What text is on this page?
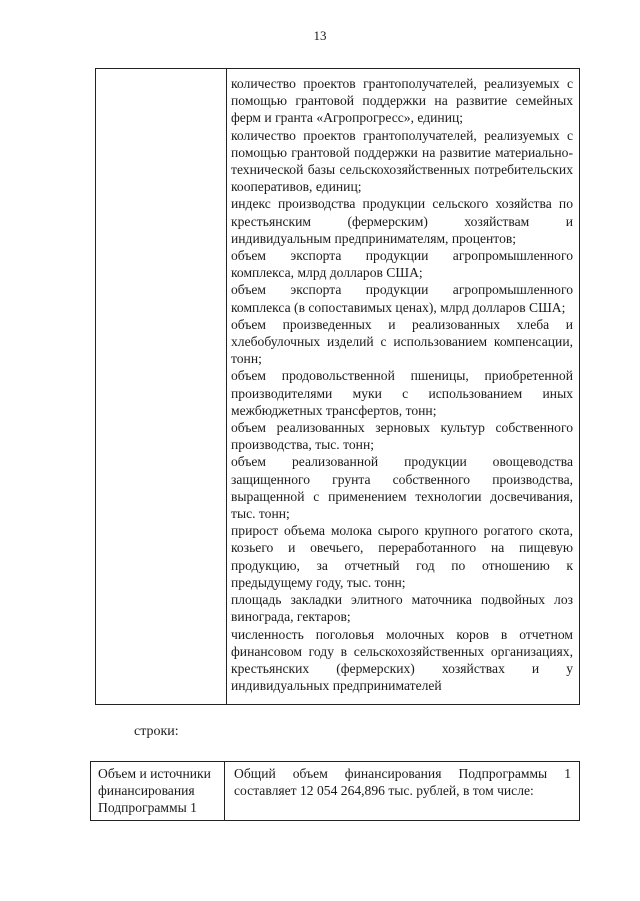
13
количество проектов грантополучателей, реализуемых с помощью грантовой поддержки на развитие семейных ферм и гранта «Агропрогресс», единиц;
количество проектов грантополучателей, реализуемых с помощью грантовой поддержки на развитие материально-технической базы сельскохозяйственных потребительских кооперативов, единиц;
индекс производства продукции сельского хозяйства по крестьянским (фермерским) хозяйствам и индивидуальным предпринимателям, процентов;
объем экспорта продукции агропромышленного комплекса, млрд долларов США;
объем экспорта продукции агропромышленного комплекса (в сопоставимых ценах), млрд долларов США;
объем произведенных и реализованных хлеба и хлебобулочных изделий с использованием компенсации, тонн;
объем продовольственной пшеницы, приобретенной производителями муки с использованием иных межбюджетных трансфертов, тонн;
объем реализованных зерновых культур собственного производства, тыс. тонн;
объем реализованной продукции овощеводства защищенного грунта собственного производства, выращенной с применением технологии досвечивания, тыс. тонн;
прирост объема молока сырого крупного рогатого скота, козьего и овечьего, переработанного на пищевую продукцию, за отчетный год по отношению к предыдущему году, тыс. тонн;
площадь закладки элитного маточника подвойных лоз винограда, гектаров;
численность поголовья молочных коров в отчетном финансовом году в сельскохозяйственных организациях, крестьянских (фермерских) хозяйствах и у индивидуальных предпринимателей
строки:
Объем и источники финансирования Подпрограммы 1
Общий объем финансирования Подпрограммы 1 составляет 12 054 264,896 тыс. рублей, в том числе:
